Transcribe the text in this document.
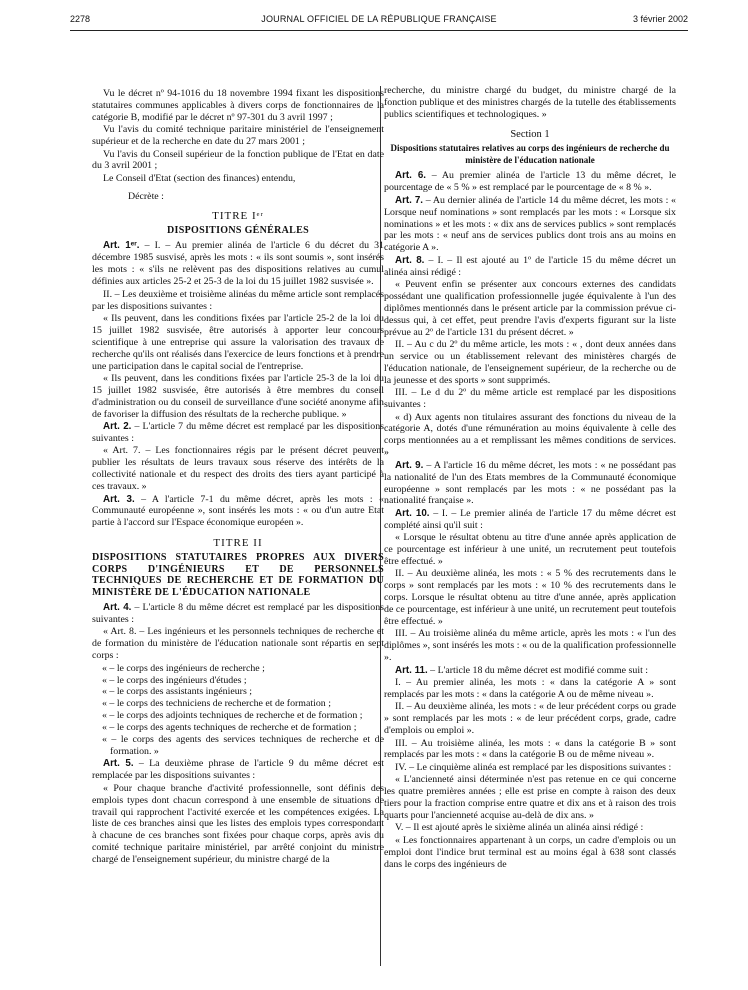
2278	JOURNAL OFFICIEL DE LA RÉPUBLIQUE FRANÇAISE	3 février 2002

Vu le décret nº 94-1016 du 18 novembre 1994 fixant les dispositions statutaires communes applicables à divers corps de fonctionnaires de la catégorie B, modifié par le décret nº 97-301 du 3 avril 1997 ;

Vu l'avis du comité technique paritaire ministériel de l'enseignement supérieur et de la recherche en date du 27 mars 2001 ;

Vu l'avis du Conseil supérieur de la fonction publique de l'Etat en date du 3 avril 2001 ;

Le Conseil d'Etat (section des finances) entendu,

Décrète :

TITRE Iᵉʳ

DISPOSITIONS GÉNÉRALES

Art. 1ᵉʳ. – I. – Au premier alinéa de l'article 6 du décret du 31 décembre 1985 susvisé, après les mots : « ils sont soumis », sont insérés les mots : « s'ils ne relèvent pas des dispositions relatives au cumul définies aux articles 25-2 et 25-3 de la loi du 15 juillet 1982 susvisée ».

II. – Les deuxième et troisième alinéas du même article sont remplacés par les dispositions suivantes :

« Ils peuvent, dans les conditions fixées par l'article 25-2 de la loi du 15 juillet 1982 susvisée, être autorisés à apporter leur concours scientifique à une entreprise qui assure la valorisation des travaux de recherche qu'ils ont réalisés dans l'exercice de leurs fonctions et à prendre une participation dans le capital social de l'entreprise.

« Ils peuvent, dans les conditions fixées par l'article 25-3 de la loi du 15 juillet 1982 susvisée, être autorisés à être membres du conseil d'administration ou du conseil de surveillance d'une société anonyme afin de favoriser la diffusion des résultats de la recherche publique. »

Art. 2. – L'article 7 du même décret est remplacé par les dispositions suivantes :

« Art. 7. – Les fonctionnaires régis par le présent décret peuvent publier les résultats de leurs travaux sous réserve des intérêts de la collectivité nationale et du respect des droits des tiers ayant participé à ces travaux. »

Art. 3. – A l'article 7-1 du même décret, après les mots : « Communauté européenne », sont insérés les mots : « ou d'un autre Etat partie à l'accord sur l'Espace économique européen ».

TITRE II

DISPOSITIONS STATUTAIRES PROPRES AUX DIVERS CORPS D'INGÉNIEURS ET DE PERSONNELS TECHNIQUES DE RECHERCHE ET DE FORMATION DU MINISTÈRE DE L'ÉDUCATION NATIONALE

Art. 4. – L'article 8 du même décret est remplacé par les dispositions suivantes :

« Art. 8. – Les ingénieurs et les personnels techniques de recherche et de formation du ministère de l'éducation nationale sont répartis en sept corps :

« – le corps des ingénieurs de recherche ;
« – le corps des ingénieurs d'études ;
« – le corps des assistants ingénieurs ;
« – le corps des techniciens de recherche et de formation ;
« – le corps des adjoints techniques de recherche et de formation ;
« – le corps des agents techniques de recherche et de formation ;
« – le corps des agents des services techniques de recherche et de formation. »

Art. 5. – La deuxième phrase de l'article 9 du même décret est remplacée par les dispositions suivantes :

« Pour chaque branche d'activité professionnelle, sont définis des emplois types dont chacun correspond à une ensemble de situations de travail qui rapprochent l'activité exercée et les compétences exigées. La liste de ces branches ainsi que les listes des emplois types correspondant à chacune de ces branches sont fixées pour chaque corps, après avis du comité technique paritaire ministériel, par arrêté conjoint du ministre chargé de l'enseignement supérieur, du ministre chargé de la

recherche, du ministre chargé du budget, du ministre chargé de la fonction publique et des ministres chargés de la tutelle des établissements publics scientifiques et technologiques. »

Section 1

Dispositions statutaires relatives au corps des ingénieurs de recherche du ministère de l'éducation nationale

Art. 6. – Au premier alinéa de l'article 13 du même décret, le pourcentage de « 5 % » est remplacé par le pourcentage de « 8 % ».

Art. 7. – Au dernier alinéa de l'article 14 du même décret, les mots : « Lorsque neuf nominations » sont remplacés par les mots : « Lorsque six nominations » et les mots : « dix ans de services publics » sont remplacés par les mots : « neuf ans de services publics dont trois ans au moins en catégorie A ».

Art. 8. – I. – Il est ajouté au 1º de l'article 15 du même décret un alinéa ainsi rédigé :

« Peuvent enfin se présenter aux concours externes des candidats possédant une qualification professionnelle jugée équivalente à l'un des diplômes mentionnés dans le présent article par la commission prévue ci-dessus qui, à cet effet, peut prendre l'avis d'experts figurant sur la liste prévue au 2º de l'article 131 du présent décret. »

II. – Au c du 2º du même article, les mots : « , dont deux années dans un service ou un établissement relevant des ministères chargés de l'éducation nationale, de l'enseignement supérieur, de la recherche ou de la jeunesse et des sports » sont supprimés.

III. – Le d du 2º du même article est remplacé par les dispositions suivantes :

« d) Aux agents non titulaires assurant des fonctions du niveau de la catégorie A, dotés d'une rémunération au moins équivalente à celle des corps mentionnées au a et remplissant les mêmes conditions de services. »

Art. 9. – A l'article 16 du même décret, les mots : « ne possédant pas la nationalité de l'un des Etats membres de la Communauté économique européenne » sont remplacés par les mots : « ne possédant pas la nationalité française ».

Art. 10. – I. – Le premier alinéa de l'article 17 du même décret est complété ainsi qu'il suit :

« Lorsque le résultat obtenu au titre d'une année après application de ce pourcentage est inférieur à une unité, un recrutement peut toutefois être effectué. »

II. – Au deuxième alinéa, les mots : « 5 % des recrutements dans le corps » sont remplacés par les mots : « 10 % des recrutements dans le corps. Lorsque le résultat obtenu au titre d'une année, après application de ce pourcentage, est inférieur à une unité, un recrutement peut toutefois être effectué. »

III. – Au troisième alinéa du même article, après les mots : « l'un des diplômes », sont insérés les mots : « ou de la qualification professionnelle ».

Art. 11. – L'article 18 du même décret est modifié comme suit :

I. – Au premier alinéa, les mots : « dans la catégorie A » sont remplacés par les mots : « dans la catégorie A ou de même niveau ».

II. – Au deuxième alinéa, les mots : « de leur précédent corps ou grade » sont remplacés par les mots : « de leur précédent corps, grade, cadre d'emplois ou emploi ».

III. – Au troisième alinéa, les mots : « dans la catégorie B » sont remplacés par les mots : « dans la catégorie B ou de même niveau ».

IV. – Le cinquième alinéa est remplacé par les dispositions suivantes :

« L'ancienneté ainsi déterminée n'est pas retenue en ce qui concerne les quatre premières années ; elle est prise en compte à raison des deux tiers pour la fraction comprise entre quatre et dix ans et à raison des trois quarts pour l'ancienneté acquise au-delà de dix ans. »

V. – Il est ajouté après le sixième alinéa un alinéa ainsi rédigé :

« Les fonctionnaires appartenant à un corps, un cadre d'emplois ou un emploi dont l'indice brut terminal est au moins égal à 638 sont classés dans le corps des ingénieurs de
